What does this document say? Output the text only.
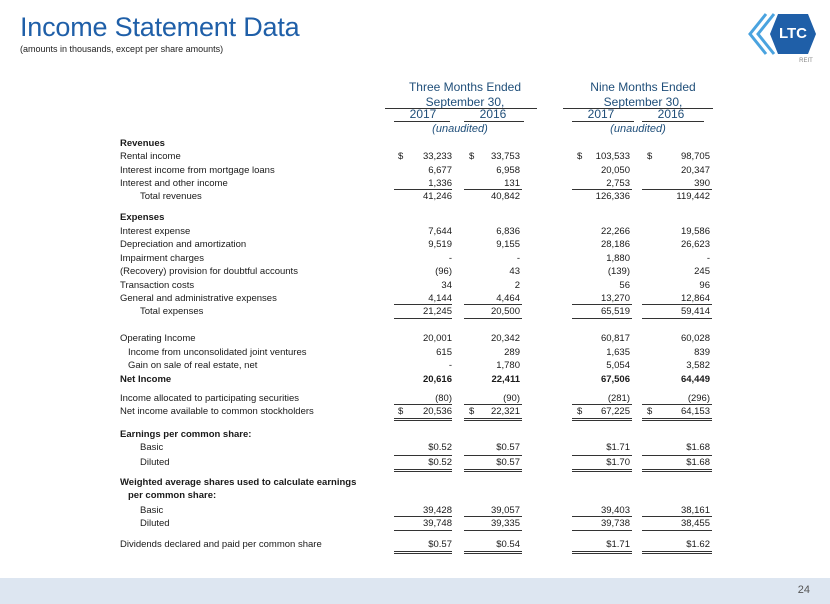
Income Statement Data
(amounts in thousands, except per share amounts)
LTC
REIT
Three Months Ended
September 30,
Nine Months Ended
September 30,
2017	2016	2017	2016
(unaudited)	(unaudited)
Revenues
Rental income	$	33,233 $	33,753	$	103,533 $	98,705
Interest income from mortgage loans	6,677	6,958	20,050	20,347
Interest and other income	1,336	131	2,753	390
Total revenues	41,246	40,842	126,336	119,442
Expenses
Interest expense	7,644	6,836	22,266	19,586
Depreciation and amortization	9,519	9,155	28,186	26,623
Impairment charges	-	-	1,880	-
(Recovery) provision for doubtful accounts	(96)	43	(139)	245
Transaction costs	34	2	56	96
General and administrative expenses	4,144	4,464	13,270	12,864
Total expenses	21,245	20,500	65,519	59,414
Operating Income	20,001	20,342	60,817	60,028
Income from unconsolidated joint ventures	615	289	1,635	839
Gain on sale of real estate, net	-	1,780	5,054	3,582
Net Income	20,616	22,411	67,506	64,449
Income allocated to participating securities	(80)	(90)	(281)	(296)
Net income available to common stockholders	$	20,536 $	22,321	$	67,225 $	64,153
Earnings per common share:
Basic	$0.52	$0.57	$1.71	$1.68
Diluted	$0.52	$0.57	$1.70	$1.68
Weighted average shares used to calculate earnings
per common share:
Basic	39,428	39,057	39,403	38,161
Diluted	39,748	39,335	39,738	38,455
Dividends declared and paid per common share	$0.57	$0.54	$1.71	$1.62
24
